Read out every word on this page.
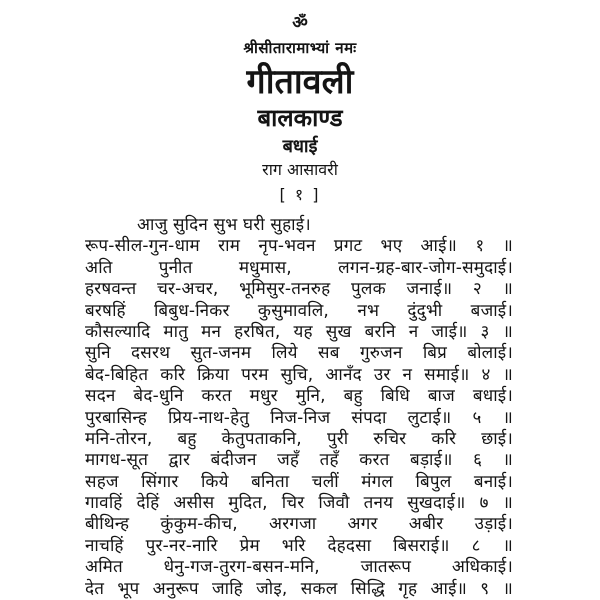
ॐ
श्रीसीतारामाभ्यां नमः
गीतावली
बालकाण्ड
बधाई
राग आसावरी
[ १ ]
आजु सुदिन सुभ घरी सुहाई।
रूप-सील-गुन-धाम राम नृप-भवन प्रगट भए आई॥ १ ॥
अति पुनीत मधुमास, लगन-ग्रह-बार-जोग-समुदाई।
हरषवन्त चर-अचर, भूमिसुर-तनरुह पुलक जनाई॥ २ ॥
बरषहिं बिबुध-निकर कुसुमावलि, नभ दुंदुभी बजाई।
कौसल्यादि मातु मन हरषित, यह सुख बरनि न जाई॥ ३ ॥
सुनि दसरथ सुत-जनम लिये सब गुरुजन बिप्र बोलाई।
बेद-बिहित करि क्रिया परम सुचि, आनँद उर न समाई॥ ४ ॥
सदन बेद-धुनि करत मधुर मुनि, बहु बिधि बाज बधाई।
पुरबासिन्ह प्रिय-नाथ-हेतु निज-निज संपदा लुटाई॥ ५ ॥
मनि-तोरन, बहु केतुपताकनि, पुरी रुचिर करि छाई।
मागध-सूत द्वार बंदीजन जहँ तहँ करत बड़ाई॥ ६ ॥
सहज सिंगार किये बनिता चलीं मंगल बिपुल बनाई।
गावहिं देहिं असीस मुदित, चिर जिवौ तनय सुखदाई॥ ७ ॥
बीथिन्ह कुंकुम-कीच, अरगजा अगर अबीर उड़ाई।
नाचहिं पुर-नर-नारि प्रेम भरि देहदसा बिसराई॥ ८ ॥
अमित धेनु-गज-तुरग-बसन-मनि, जातरूप अधिकाई।
देत भूप अनुरूप जाहि जोइ, सकल सिद्धि गृह आई॥ ९ ॥
